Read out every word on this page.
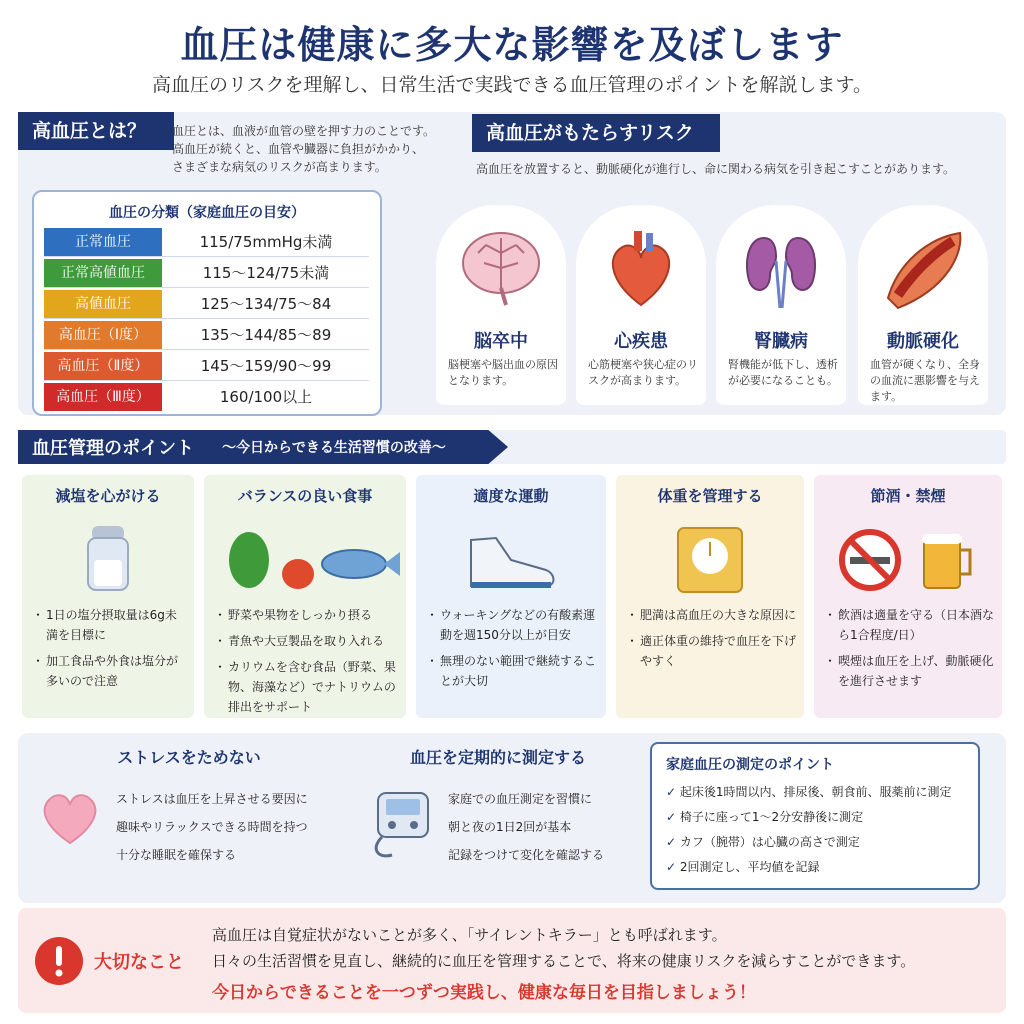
血圧は健康に多大な影響を及ぼします
高血圧のリスクを理解し、日常生活で実践できる血圧管理のポイントを解説します。
高血圧とは？	血圧とは、血液が血管の壁を押す力のことです。
高血圧が続くと、血管や臓器に負担がかかり、
さまざまな病気のリスクが高まります。
血圧の分類（家庭血圧の目安）
正常血圧	115/75mmHg未満
正常高値血圧	115～124/75未満
高値血圧	125～134/75～84
高血圧（Ⅰ度）	135～144/85～89
高血圧（Ⅱ度）	145～159/90～99
高血圧（Ⅲ度）	160/100以上
高血圧がもたらすリスク
高血圧を放置すると、動脈硬化が進行し、命に関わる病気を引き起こすことがあります。
脳卒中
脳梗塞や脳出血の原因となります。
心疾患
心筋梗塞や狭心症のリスクが高まります。
腎臓病
腎機能が低下し、透析が必要になることも。
動脈硬化
血管が硬くなり、全身の血流に悪影響を与えます。
血圧管理のポイント ～今日からできる生活習慣の改善～
減塩を心がける
・ 1日の塩分摂取量は6g未満を目標に
・ 加工食品や外食は塩分が多いので注意
バランスの良い食事
・ 野菜や果物をしっかり摂る
・ 青魚や大豆製品を取り入れる
・ カリウムを含む食品（野菜、果物、海藻など）でナトリウムの排出をサポート
適度な運動
・ ウォーキングなどの有酸素運動を週150分以上が目安
・ 無理のない範囲で継続することが大切
体重を管理する
・ 肥満は高血圧の大きな原因に
・ 適正体重の維持で血圧を下げやすく
節酒・禁煙
・ 飲酒は適量を守る（日本酒なら1合程度/日）
・ 喫煙は血圧を上げ、動脈硬化を進行させます
ストレスをためない
ストレスは血圧を上昇させる要因に
趣味やリラックスできる時間を持つ
十分な睡眠を確保する
血圧を定期的に測定する
家庭での血圧測定を習慣に
朝と夜の1日2回が基本
記録をつけて変化を確認する
家庭血圧の測定のポイント
✓ 起床後1時間以内、排尿後、朝食前、服薬前に測定
✓ 椅子に座って1～2分安静後に測定
✓ カフ（腕帯）は心臓の高さで測定
✓ 2回測定し、平均値を記録
大切なこと
高血圧は自覚症状がないことが多く、「サイレントキラー」とも呼ばれます。
日々の生活習慣を見直し、継続的に血圧を管理することで、将来の健康リスクを減らすことができます。
今日からできることを一つずつ実践し、健康な毎日を目指しましょう！
